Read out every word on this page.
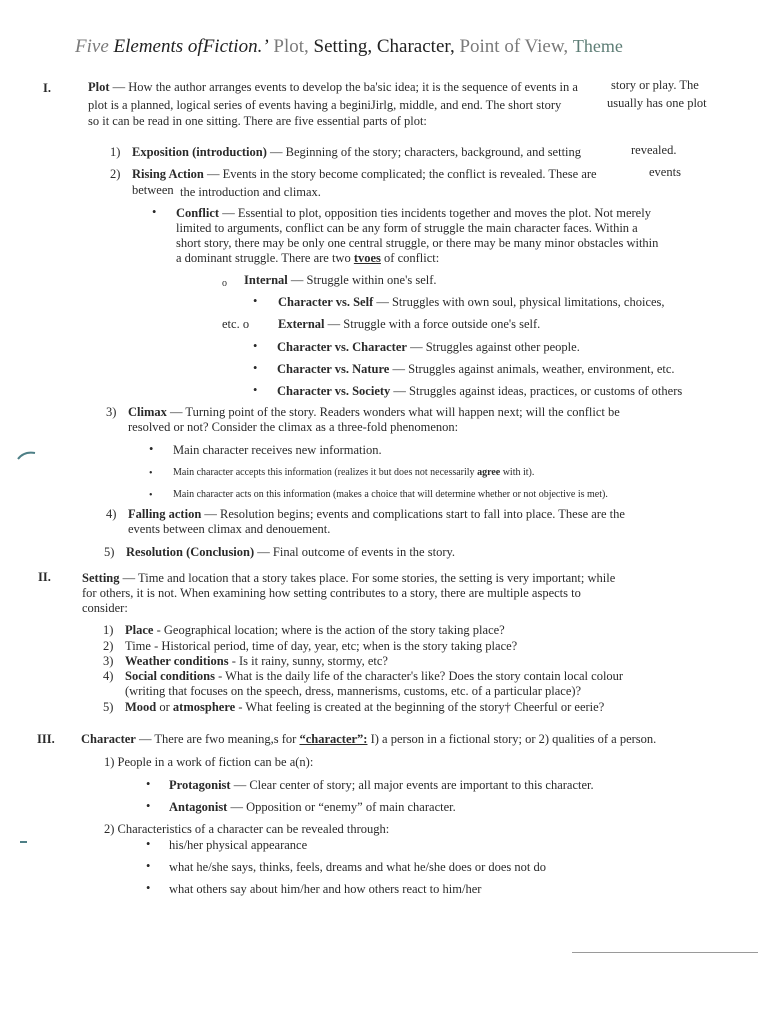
Five Elements ofFiction.’ Plot, Setting, Character, Point of View, Theme
I.	Plot — How the author arranges events to develop the ba'sic idea; it is the sequence of events in a	story or play. The
plot is a planned, logical series of events having a beginiJirlg, middle, and end. The short story	usually has one plot
so it can be read in one sitting. There are five essential parts of plot:
1) Exposition (introduction) — Beginning of the story; characters, background, and setting	revealed.
2) Rising Action — Events in the story become complicated; the conflict is revealed. These are	events
between the introduction and climax.
• Conflict — Essential to plot, opposition ties incidents together and moves the plot. Not merely
limited to arguments, conflict can be any form of struggle the main character faces. Within a
short story, there may be only one central struggle, or there may be many minor obstacles within
a dominant struggle. There are two tvoes of conflict:
o Internal — Struggle within one's self.
• Character vs. Self — Struggles with own soul, physical limitations, choices,
etc. o External — Struggle with a force outside one's self.
• Character vs. Character — Struggles against other people.
• Character vs. Nature — Struggles against animals, weather, environment, etc.
• Character vs. Society — Struggles against ideas, practices, or customs of others
3) Climax — Turning point of the story. Readers wonders what will happen next; will the conflict be
resolved or not? Consider the climax as a three-fold phenomenon:
• Main character receives new information.
• Main character accepts this information (realizes it but does not necessarily agree with it).
• Main character acts on this information (makes a choice that will determine whether or not objective is met).
4) Falling action — Resolution begins; events and complications start to fall into place. These are the
events between climax and denouement.
5) Resolution (Conclusion) — Final outcome of events in the story.
II. Setting — Time and location that a story takes place. For some stories, the setting is very important; while
for others, it is not. When examining how setting contributes to a story, there are multiple aspects to
consider:
1) Place - Geographical location; where is the action of the story taking place?
2) Time - Historical period, time of day, year, etc; when is the story taking place?
3) Weather conditions - Is it rainy, sunny, stormy, etc?
4) Social conditions - What is the daily life of the character's like? Does the story contain local colour
(writing that focuses on the speech, dress, mannerisms, customs, etc. of a particular place)?
5) Mood or atmosphere - What feeling is created at the beginning of the story† Cheerful or eerie?
III. Character — There are fwo meaning,s for “character”: I) a person in a fictional story; or 2) qualities of a person.
1) People in a work of fiction can be a(n):
• Protagonist — Clear center of story; all major events are important to this character.
• Antagonist — Opposition or “enemy” of main character.
2) Characteristics of a character can be revealed through:
• his/her physical appearance
• what he/she says, thinks, feels, dreams and what he/she does or does not do
• what others say about him/her and how others react to him/her
